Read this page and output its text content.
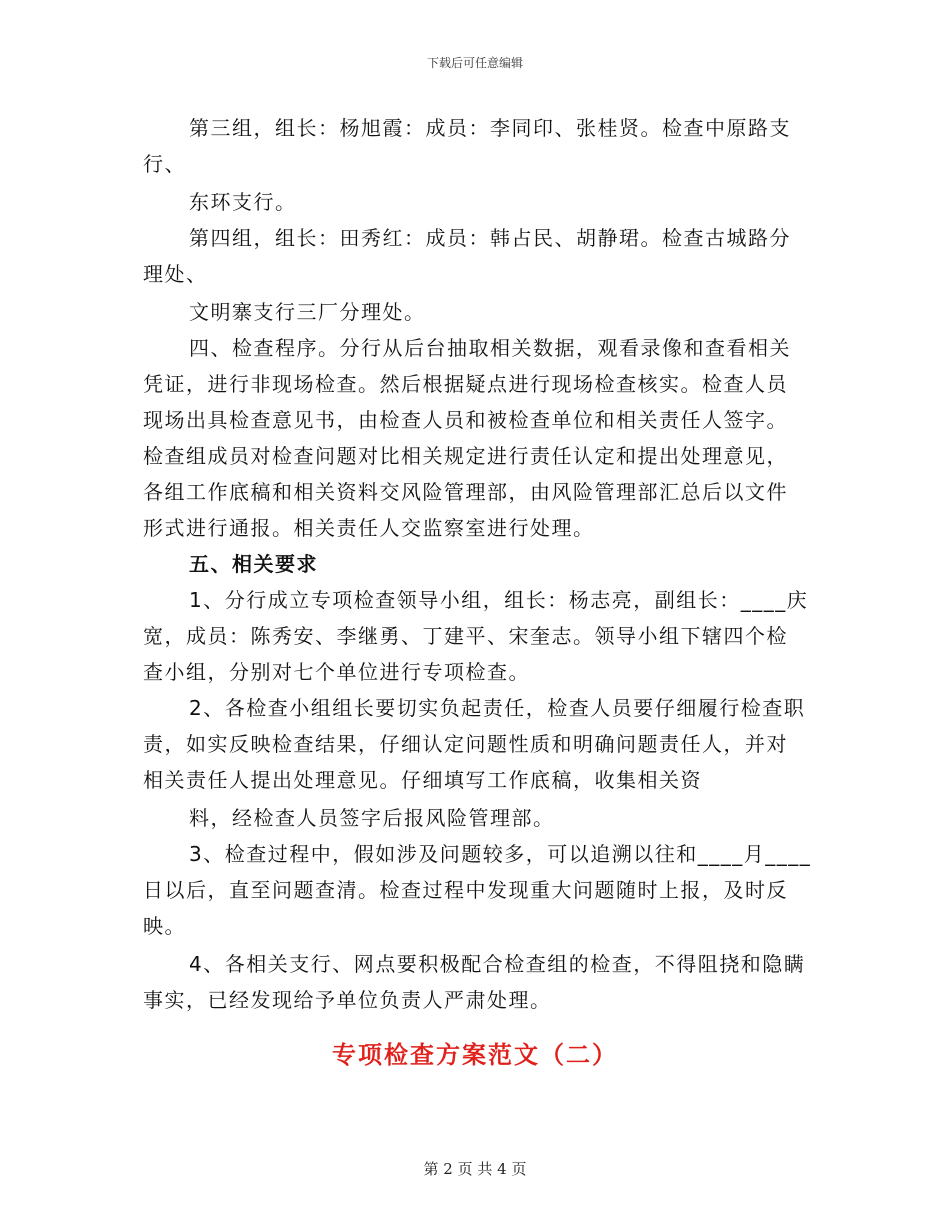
下载后可任意编辑
第三组，组长：杨旭霞：成员：李同印、张桂贤。检查中原路支
行、
东环支行。
第四组，组长：田秀红：成员：韩占民、胡静珺。检查古城路分
理处、
文明寨支行三厂分理处。
四、检查程序。分行从后台抽取相关数据，观看录像和查看相关
凭证，进行非现场检查。然后根据疑点进行现场检查核实。检查人员
现场出具检查意见书，由检查人员和被检查单位和相关责任人签字。
检查组成员对检查问题对比相关规定进行责任认定和提出处理意见，
各组工作底稿和相关资料交风险管理部，由风险管理部汇总后以文件
形式进行通报。相关责任人交监察室进行处理。
五、相关要求
1、分行成立专项检查领导小组，组长：杨志亮，副组长：____庆
宽，成员：陈秀安、李继勇、丁建平、宋奎志。领导小组下辖四个检
查小组，分别对七个单位进行专项检查。
2、各检查小组组长要切实负起责任，检查人员要仔细履行检查职
责，如实反映检查结果，仔细认定问题性质和明确问题责任人，并对
相关责任人提出处理意见。仔细填写工作底稿，收集相关资
料，经检查人员签字后报风险管理部。
3、检查过程中，假如涉及问题较多，可以追溯以往和____月____
日以后，直至问题查清。检查过程中发现重大问题随时上报，及时反
映。
4、各相关支行、网点要积极配合检查组的检查，不得阻挠和隐瞒
事实，已经发现给予单位负责人严肃处理。
专项检查方案范文（二）
第 2 页 共 4 页
